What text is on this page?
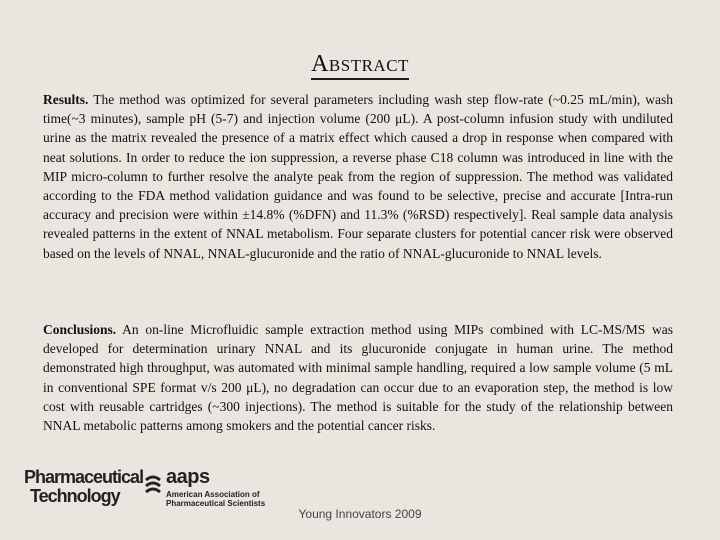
Abstract

Results. The method was optimized for several parameters including wash step flow-rate (~0.25 mL/min), wash time(~3 minutes), sample pH (5-7) and injection volume (200 μL). A post-column infusion study with undiluted urine as the matrix revealed the presence of a matrix effect which caused a drop in response when compared with neat solutions. In order to reduce the ion suppression, a reverse phase C18 column was introduced in line with the MIP micro-column to further resolve the analyte peak from the region of suppression. The method was validated according to the FDA method validation guidance and was found to be selective, precise and accurate [Intra-run accuracy and precision were within ±14.8% (%DFN) and 11.3% (%RSD) respectively]. Real sample data analysis revealed patterns in the extent of NNAL metabolism. Four separate clusters for potential cancer risk were observed based on the levels of NNAL, NNAL-glucuronide and the ratio of NNAL-glucuronide to NNAL levels.

Conclusions. An on-line Microfluidic sample extraction method using MIPs combined with LC-MS/MS was developed for determination urinary NNAL and its glucuronide conjugate in human urine. The method demonstrated high throughput, was automated with minimal sample handling, required a low sample volume (5 mL in conventional SPE format v/s 200 μL), no degradation can occur due to an evaporation step, the method is low cost with reusable cartridges (~300 injections). The method is suitable for the study of the relationship between NNAL metabolic patterns among smokers and the potential cancer risks.

Pharmaceutical
Technology
aaps
American Association of
Pharmaceutical Scientists
Young Innovators 2009
